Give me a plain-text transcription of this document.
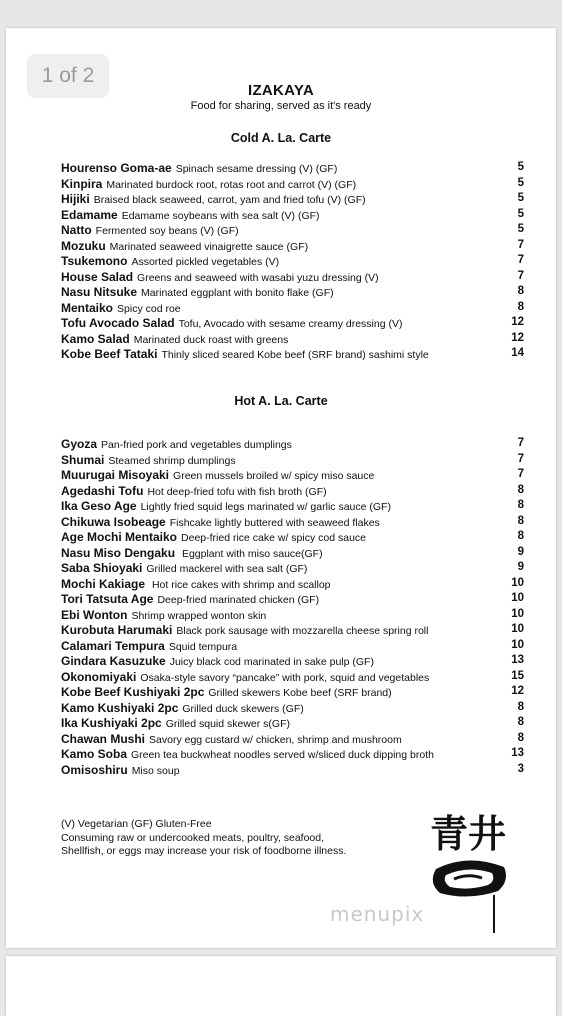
1 of 2
IZAKAYA
Food for sharing, served as it's ready
Cold A. La. Carte
Hourenso Goma-ae Spinach sesame dressing (V) (GF)	5
Kinpira Marinated burdock root, rotas root and carrot (V) (GF)	5
Hijiki Braised black seaweed, carrot, yam and fried tofu (V) (GF)	5
Edamame Edamame soybeans with sea salt (V) (GF)	5
Natto Fermented soy beans (V) (GF)	5
Mozuku Marinated seaweed vinaigrette sauce (GF)	7
Tsukemono Assorted pickled vegetables (V)	7
House Salad Greens and seaweed with wasabi yuzu dressing (V)	7
Nasu Nitsuke Marinated eggplant with bonito flake (GF)	8
Mentaiko Spicy cod roe	8
Tofu Avocado Salad Tofu, Avocado with sesame creamy dressing (V)	12
Kamo Salad Marinated duck roast with greens	12
Kobe Beef Tataki Thinly sliced seared Kobe beef (SRF brand) sashimi style	14
Hot A. La. Carte
Gyoza Pan-fried pork and vegetables dumplings	7
Shumai Steamed shrimp dumplings	7
Muurugai Misoyaki Green mussels broiled w/ spicy miso sauce	7
Agedashi Tofu Hot deep-fried tofu with fish broth (GF)	8
Ika Geso Age Lightly fried squid legs marinated w/ garlic sauce (GF)	8
Chikuwa Isobeage Fishcake lightly buttered with seaweed flakes	8
Age Mochi Mentaiko Deep-fried rice cake w/ spicy cod sauce	8
Nasu Miso Dengaku Eggplant with miso sauce(GF)	9
Saba Shioyaki Grilled mackerel with sea salt (GF)	9
Mochi Kakiage Hot rice cakes with shrimp and scallop	10
Tori Tatsuta Age Deep-fried marinated chicken (GF)	10
Ebi Wonton Shrimp wrapped wonton skin	10
Kurobuta Harumaki Black pork sausage with mozzarella cheese spring roll	10
Calamari Tempura Squid tempura	10
Gindara Kasuzuke Juicy black cod marinated in sake pulp (GF)	13
Okonomiyaki Osaka-style savory “pancake” with pork, squid and vegetables	15
Kobe Beef Kushiyaki 2pc Grilled skewers Kobe beef (SRF brand)	12
Kamo Kushiyaki 2pc Grilled duck skewers (GF)	8
Ika Kushiyaki 2pc Grilled squid skewer s(GF)	8
Chawan Mushi Savory egg custard w/ chicken, shrimp and mushroom	8
Kamo Soba Green tea buckwheat noodles served w/sliced duck dipping broth	13
Omisoshiru Miso soup	3
(V) Vegetarian (GF) Gluten-Free
Consuming raw or undercooked meats, poultry, seafood,
Shellfish, or eggs may increase your risk of foodborne illness. 青井
menupix
